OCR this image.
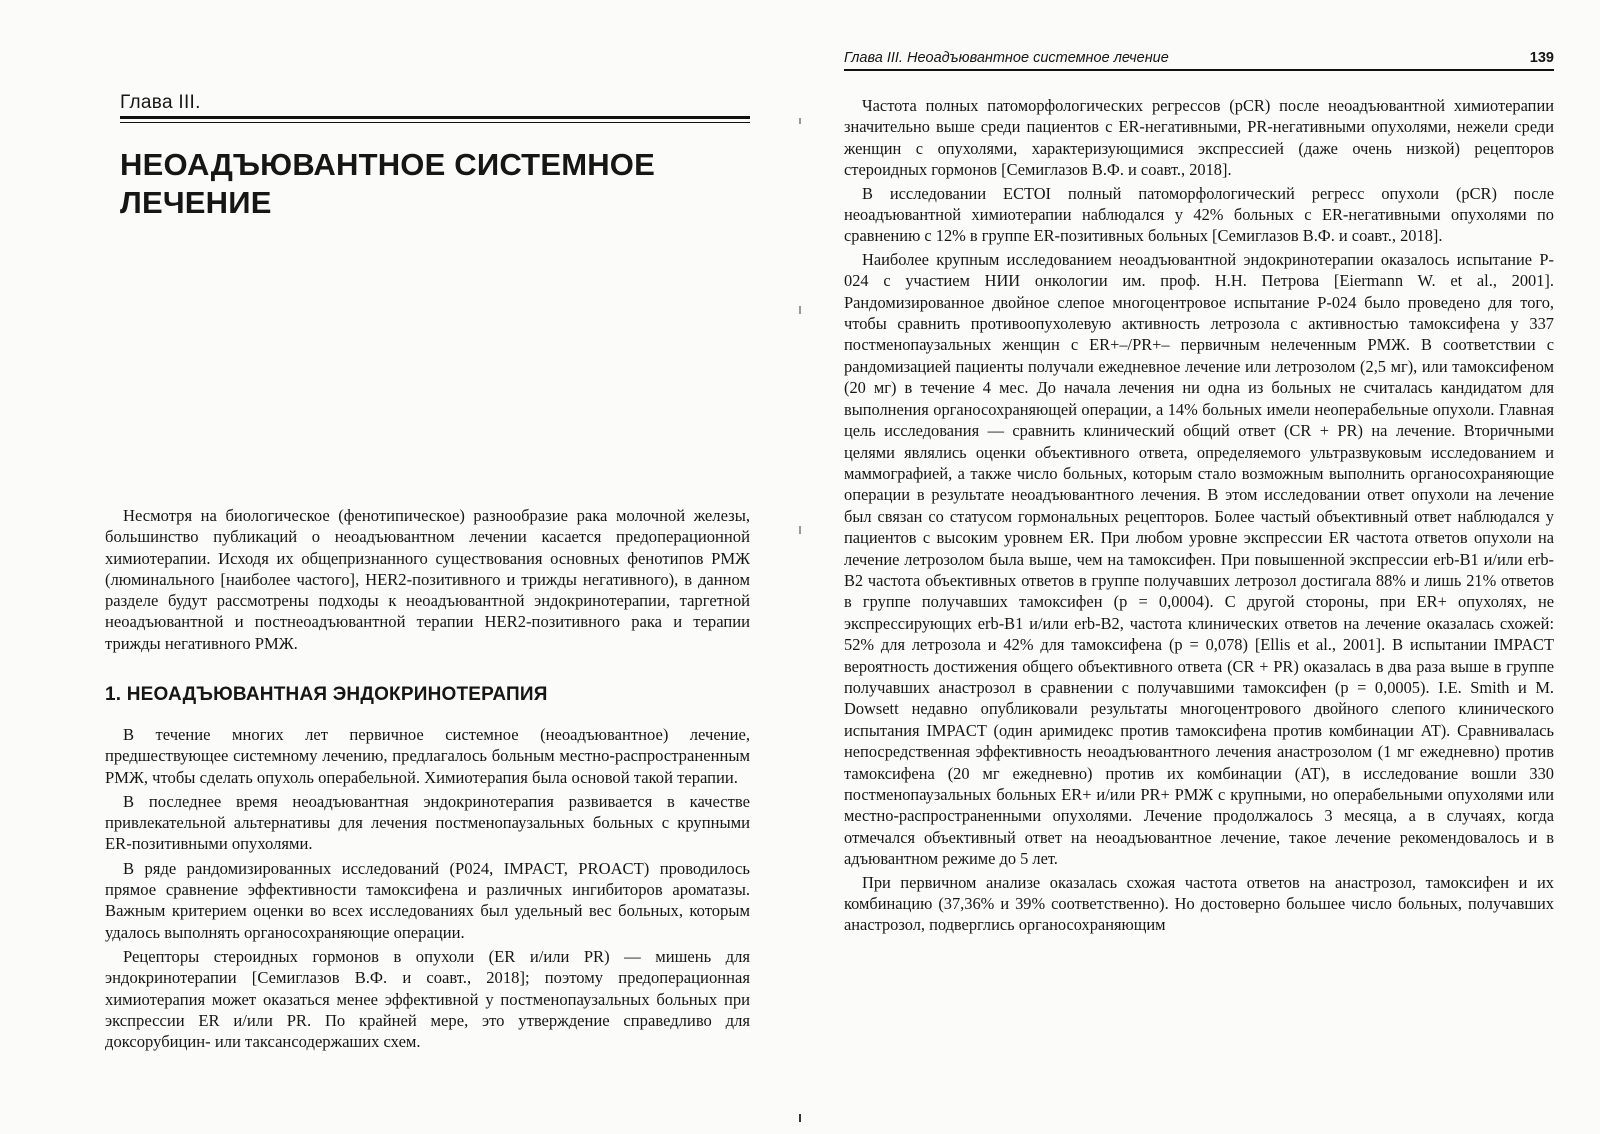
Глава III.
НЕОАДЪЮВАНТНОЕ СИСТЕМНОЕ ЛЕЧЕНИЕ

Несмотря на биологическое (фенотипическое) разнообразие рака молочной железы, большинство публикаций о неоадъювантном лечении касается предоперационной химиотерапии. Исходя их общепризнанного существования основных фенотипов РМЖ (люминального [наиболее частого], HER2-позитивного и трижды негативного), в данном разделе будут рассмотрены подходы к неоадъювантной эндокринотерапии, таргетной неоадъювантной и постнеоадъювантной терапии HER2-позитивного рака и терапии трижды негативного РМЖ.

1. НЕОАДЪЮВАНТНАЯ ЭНДОКРИНОТЕРАПИЯ

В течение многих лет первичное системное (неоадъювантное) лечение, предшествующее системному лечению, предлагалось больным местно-распространенным РМЖ, чтобы сделать опухоль операбельной. Химиотерапия была основой такой терапии.

В последнее время неоадъювантная эндокринотерапия развивается в качестве привлекательной альтернативы для лечения постменопаузальных больных с крупными ER-позитивными опухолями.

В ряде рандомизированных исследований (P024, IMPACT, PROACT) проводилось прямое сравнение эффективности тамоксифена и различных ингибиторов ароматазы. Важным критерием оценки во всех исследованиях был удельный вес больных, которым удалось выполнять органосохраняющие операции.

Рецепторы стероидных гормонов в опухоли (ER и/или PR) — мишень для эндокринотерапии [Семиглазов В.Ф. и соавт., 2018]; поэтому предоперационная химиотерапия может оказаться менее эффективной у постменопаузальных больных при экспрессии ER и/или PR. По крайней мере, это утверждение справедливо для доксорубицин- или таксансодержаших схем.

Глава III. Неоадъювантное системное лечение	139

Частота полных патоморфологических регрессов (pCR) после неоадъювантной химиотерапии значительно выше среди пациентов с ER-негативными, PR-негативными опухолями, нежели среди женщин с опухолями, характеризующимися экспрессией (даже очень низкой) рецепторов стероидных гормонов [Семиглазов В.Ф. и соавт., 2018].

В исследовании ECTOI полный патоморфологический регресс опухоли (pCR) после неоадъювантной химиотерапии наблюдался у 42% больных с ER-негативными опухолями по сравнению с 12% в группе ER-позитивных больных [Семиглазов В.Ф. и соавт., 2018].

Наиболее крупным исследованием неоадъювантной эндокринотерапии оказалось испытание P-024 с участием НИИ онкологии им. проф. Н.Н. Петрова [Eiermann W. et al., 2001]. Рандомизированное двойное слепое многоцентровое испытание P-024 было проведено для того, чтобы сравнить противоопухолевую активность летрозола с активностью тамоксифена у 337 постменопаузальных женщин с ER+–/PR+– первичным нелеченным РМЖ. В соответствии с рандомизацией пациенты получали ежедневное лечение или летрозолом (2,5 мг), или тамоксифеном (20 мг) в течение 4 мес. До начала лечения ни одна из больных не считалась кандидатом для выполнения органосохраняющей операции, а 14% больных имели неоперабельные опухоли. Главная цель исследования — сравнить клинический общий ответ (CR + PR) на лечение. Вторичными целями являлись оценки объективного ответа, определяемого ультразвуковым исследованием и маммографией, а также число больных, которым стало возможным выполнить органосохраняющие операции в результате неоадъювантного лечения. В этом исследовании ответ опухоли на лечение был связан со статусом гормональных рецепторов. Более частый объективный ответ наблюдался у пациентов с высоким уровнем ER. При любом уровне экспрессии ER частота ответов опухоли на лечение летрозолом была выше, чем на тамоксифен. При повышенной экспрессии erb-B1 и/или erb-B2 частота объективных ответов в группе получавших летрозол достигала 88% и лишь 21% ответов в группе получавших тамоксифен (p = 0,0004). С другой стороны, при ER+ опухолях, не экспрессирующих erb-B1 и/или erb-B2, частота клинических ответов на лечение оказалась схожей: 52% для летрозола и 42% для тамоксифена (p = 0,078) [Ellis et al., 2001]. В испытании IMPACT вероятность достижения общего объективного ответа (CR + PR) оказалась в два раза выше в группе получавших анастрозол в сравнении с получавшими тамоксифен (p = 0,0005). I.E. Smith и M. Dowsett недавно опубликовали результаты многоцентрового двойного слепого клинического испытания IMPACT (один аримидекс против тамоксифена против комбинации AT). Сравнивалась непосредственная эффективность неоадъювантного лечения анастрозолом (1 мг ежедневно) против тамоксифена (20 мг ежедневно) против их комбинации (AT), в исследование вошли 330 постменопаузальных больных ER+ и/или PR+ РМЖ с крупными, но операбельными опухолями или местно-распространенными опухолями. Лечение продолжалось 3 месяца, а в случаях, когда отмечался объективный ответ на неоадъювантное лечение, такое лечение рекомендовалось и в адъювантном режиме до 5 лет.

При первичном анализе оказалась схожая частота ответов на анастрозол, тамоксифен и их комбинацию (37,36% и 39% соответственно). Но достоверно большее число больных, получавших анастрозол, подверглись органосохраняющим
